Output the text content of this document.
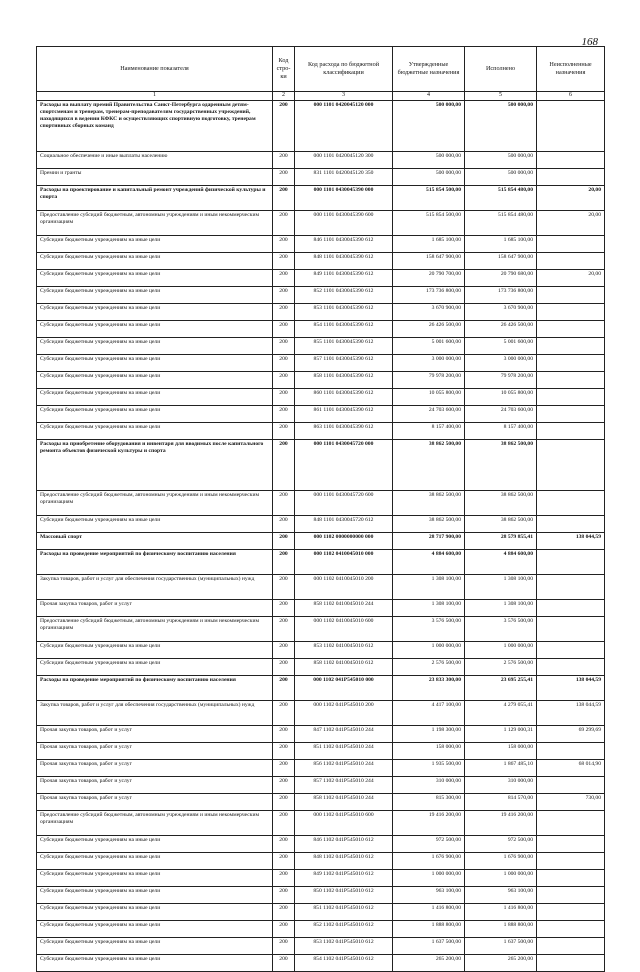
168
Наименование показателя	Код стро-ки	Код расхода по бюджетной классификации	Утвержденные бюджетные назначения	Исполнено	Неисполненные назначения
1	2	3	4	5	6
Расходы на выплату премий Правительства Санкт-Петербурга одаренным детям-спортсменам и тренерам, тренерам-преподавателям государственных учреждений, находящихся в ведении КФКС и осуществляющих спортивную подготовку, тренерам спортивных сборных команд	200	000 1101 0420045120 000	500 000,00	500 000,00	
Социальное обеспечение и иные выплаты населению	200	000 1101 0420045120 300	500 000,00	500 000,00	
Премии и гранты	200	831 1101 0420045120 350	500 000,00	500 000,00	
Расходы на проектирование и капитальный ремонт учреждений физической культуры и спорта	200	000 1101 0430045390 000	515 854 500,00	515 854 480,00	20,00
Предоставление субсидий бюджетным, автономным учреждениям и иным некоммерческим организациям	200	000 1101 0430045390 600	515 854 500,00	515 854 480,00	20,00
Субсидии бюджетным учреждениям на иные цели	200	846 1101 0430045390 612	1 685 100,00	1 685 100,00	
Субсидии бюджетным учреждениям на иные цели	200	848 1101 0430045390 612	158 647 900,00	158 647 900,00	
Субсидии бюджетным учреждениям на иные цели	200	849 1101 0430045390 612	20 790 700,00	20 790 680,00	20,00
Субсидии бюджетным учреждениям на иные цели	200	852 1101 0430045390 612	173 736 800,00	173 736 800,00	
Субсидии бюджетным учреждениям на иные цели	200	853 1101 0430045390 612	3 670 900,00	3 670 900,00	
Субсидии бюджетным учреждениям на иные цели	200	854 1101 0430045390 612	26 426 500,00	26 426 500,00	
Субсидии бюджетным учреждениям на иные цели	200	855 1101 0430045390 612	5 001 600,00	5 001 600,00	
Субсидии бюджетным учреждениям на иные цели	200	857 1101 0430045390 612	3 000 000,00	3 000 000,00	
Субсидии бюджетным учреждениям на иные цели	200	858 1101 0430045390 612	79 978 200,00	79 978 200,00	
Субсидии бюджетным учреждениям на иные цели	200	860 1101 0430045390 612	10 055 800,00	10 055 800,00	
Субсидии бюджетным учреждениям на иные цели	200	861 1101 0430045390 612	24 703 600,00	24 703 600,00	
Субсидии бюджетным учреждениям на иные цели	200	863 1101 0430045390 612	8 157 400,00	8 157 400,00	
Расходы на приобретение оборудования и инвентаря для вводимых после капитального ремонта объектов физической культуры и спорта	200	000 1101 0430045720 000	38 862 500,00	38 862 500,00	
Предоставление субсидий бюджетным, автономным учреждениям и иным некоммерческим организациям	200	000 1101 0430045720 600	38 862 500,00	38 862 500,00	
Субсидии бюджетным учреждениям на иные цели	200	848 1101 0430045720 612	38 862 500,00	38 862 500,00	
Массовый спорт	200	000 1102 0000000000 000	28 717 900,00	28 579 855,41	138 044,59
Расходы на проведение мероприятий по физическому воспитанию населения	200	000 1102 0410045010 000	4 884 600,00	4 884 600,00	
Закупка товаров, работ и услуг для обеспечения государственных (муниципальных) нужд	200	000 1102 0410045010 200	1 308 100,00	1 308 100,00	
Прочая закупка товаров, работ и услуг	200	858 1102 0410045010 244	1 308 100,00	1 308 100,00	
Предоставление субсидий бюджетным, автономным учреждениям и иным некоммерческим организациям	200	000 1102 0410045010 600	3 576 500,00	3 576 500,00	
Субсидии бюджетным учреждениям на иные цели	200	853 1102 0410045010 612	1 000 000,00	1 000 000,00	
Субсидии бюджетным учреждениям на иные цели	200	858 1102 0410045010 612	2 576 500,00	2 576 500,00	
Расходы на проведение мероприятий по физическому воспитанию населения	200	000 1102 041P545010 000	23 833 300,00	23 695 255,41	138 044,59
Закупка товаров, работ и услуг для обеспечения государственных (муниципальных) нужд	200	000 1102 041P545010 200	4 417 100,00	4 279 055,41	138 044,59
Прочая закупка товаров, работ и услуг	200	847 1102 041P545010 244	1 198 300,00	1 129 000,31	69 299,69
Прочая закупка товаров, работ и услуг	200	851 1102 041P545010 244	158 000,00	158 000,00	
Прочая закупка товаров, работ и услуг	200	856 1102 041P545010 244	1 935 500,00	1 867 485,10	68 014,90
Прочая закупка товаров, работ и услуг	200	857 1102 041P545010 244	310 000,00	310 000,00	
Прочая закупка товаров, работ и услуг	200	858 1102 041P545010 244	815 300,00	814 570,00	730,00
Предоставление субсидий бюджетным, автономным учреждениям и иным некоммерческим организациям	200	000 1102 041P545010 600	19 416 200,00	19 416 200,00	
Субсидии бюджетным учреждениям на иные цели	200	846 1102 041P545010 612	972 500,00	972 500,00	
Субсидии бюджетным учреждениям на иные цели	200	848 1102 041P545010 612	1 676 900,00	1 676 900,00	
Субсидии бюджетным учреждениям на иные цели	200	849 1102 041P545010 612	1 000 000,00	1 000 000,00	
Субсидии бюджетным учреждениям на иные цели	200	850 1102 041P545010 612	963 100,00	963 100,00	
Субсидии бюджетным учреждениям на иные цели	200	851 1102 041P545010 612	1 416 800,00	1 416 800,00	
Субсидии бюджетным учреждениям на иные цели	200	852 1102 041P545010 612	1 888 800,00	1 888 800,00	
Субсидии бюджетным учреждениям на иные цели	200	853 1102 041P545010 612	1 637 500,00	1 637 500,00	
Субсидии бюджетным учреждениям на иные цели	200	854 1102 041P545010 612	265 200,00	265 200,00	
